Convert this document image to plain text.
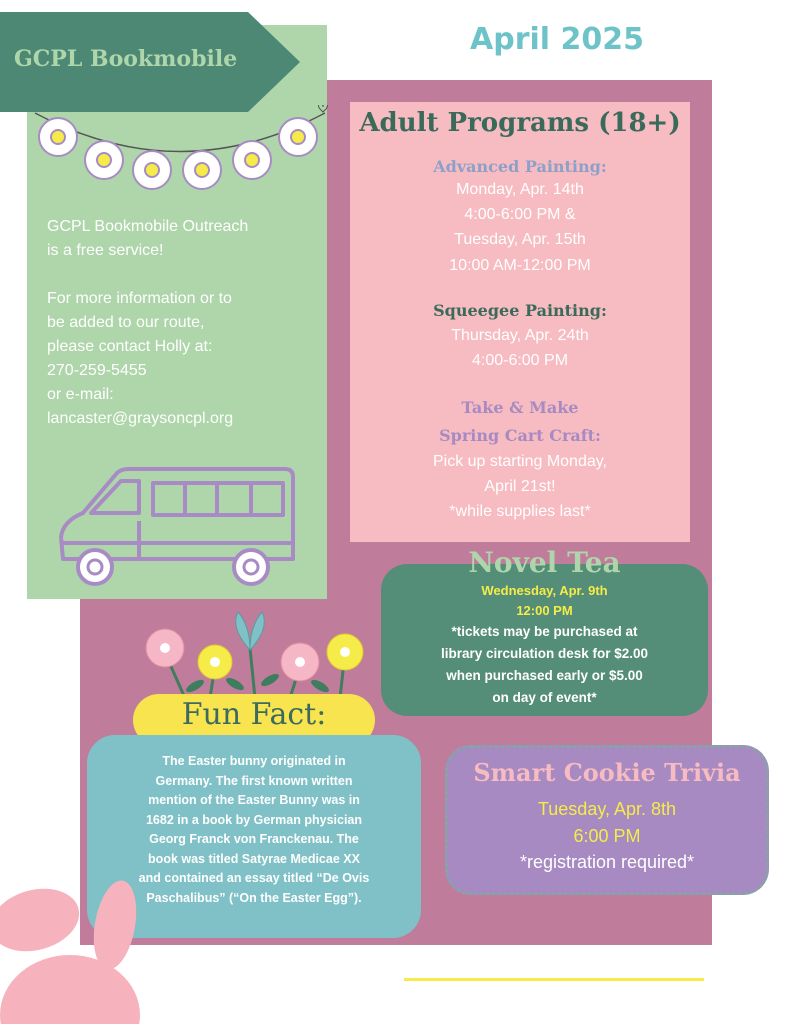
April 2025
GCPL Bookmobile
GCPL Bookmobile Outreach
is a free service!

For more information or to
be added to our route,
please contact Holly at:
270-259-5455
or e-mail:
lancaster@graysoncpl.org
Adult Programs (18+)
Advanced Painting:
Monday, Apr. 14th
4:00-6:00 PM &
Tuesday, Apr. 15th
10:00 AM-12:00 PM
Squeegee Painting:
Thursday, Apr. 24th
4:00-6:00 PM
Take & Make
Spring Cart Craft:
Pick up starting Monday,
April 21st!
*while supplies last*
Novel Tea
Wednesday, Apr. 9th
12:00 PM
*tickets may be purchased at
library circulation desk for $2.00
when purchased early or $5.00
on day of event*
Fun Fact:
The Easter bunny originated in
Germany. The first known written
mention of the Easter Bunny was in
1682 in a book by German physician
Georg Franck von Franckenau. The
book was titled Satyrae Medicae XX
and contained an essay titled “De Ovis
Paschalibus” (“On the Easter Egg”).
Smart Cookie Trivia
Tuesday, Apr. 8th
6:00 PM
*registration required*
